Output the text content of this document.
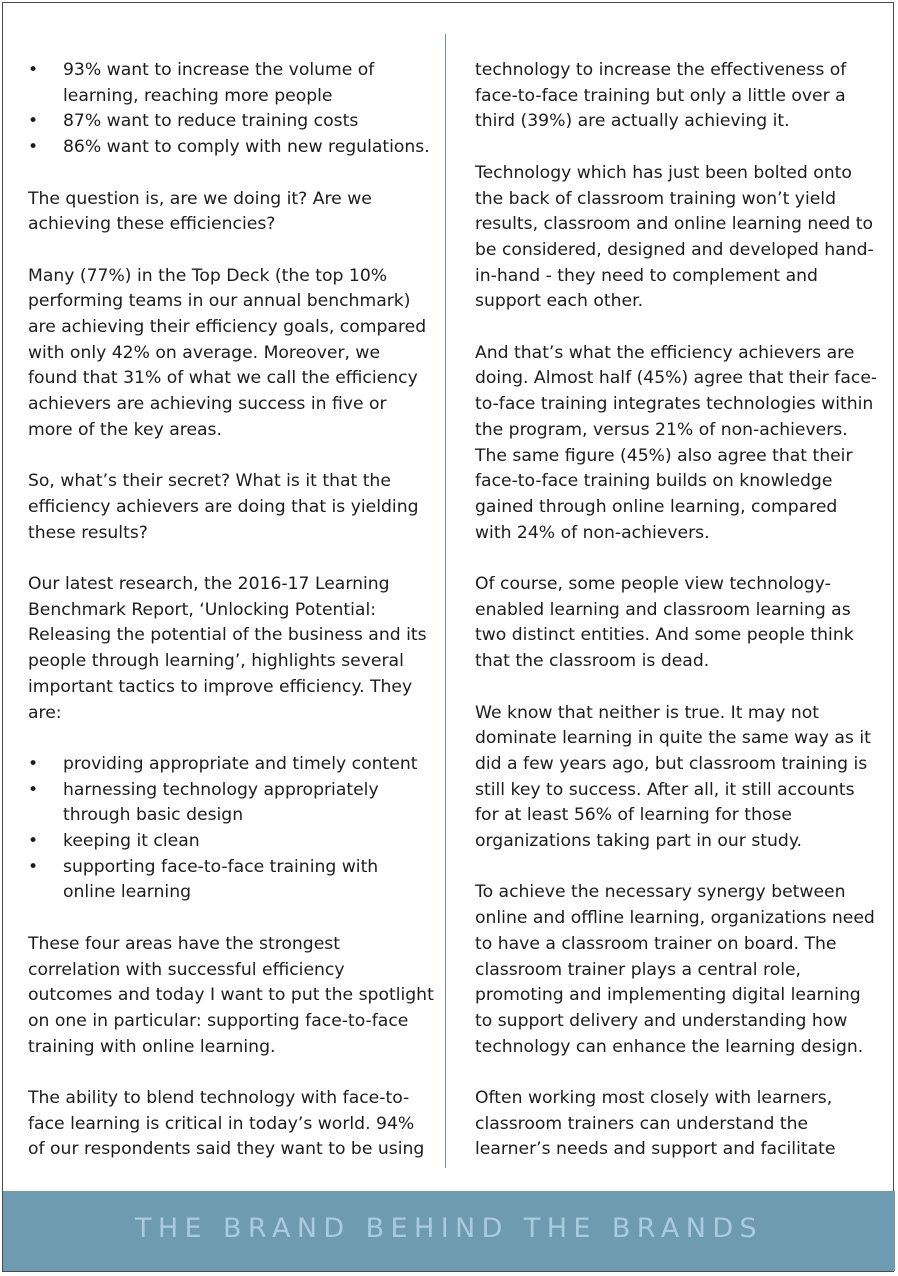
• 93% want to increase the volume of learning, reaching more people
• 87% want to reduce training costs
• 86% want to comply with new regulations.

The question is, are we doing it? Are we achieving these efficiencies?

Many (77%) in the Top Deck (the top 10% performing teams in our annual benchmark) are achieving their efficiency goals, compared with only 42% on average. Moreover, we found that 31% of what we call the efficiency achievers are achieving success in five or more of the key areas.

So, what’s their secret? What is it that the efficiency achievers are doing that is yielding these results?

Our latest research, the 2016-17 Learning Benchmark Report, ‘Unlocking Potential: Releasing the potential of the business and its people through learning’, highlights several important tactics to improve efficiency. They are:

• providing appropriate and timely content
• harnessing technology appropriately through basic design
• keeping it clean
• supporting face-to-face training with online learning

These four areas have the strongest correlation with successful efficiency outcomes and today I want to put the spotlight on one in particular: supporting face-to-face training with online learning.

The ability to blend technology with face-to-face learning is critical in today’s world. 94% of our respondents said they want to be using

technology to increase the effectiveness of face-to-face training but only a little over a third (39%) are actually achieving it.

Technology which has just been bolted onto the back of classroom training won’t yield results, classroom and online learning need to be considered, designed and developed hand-in-hand - they need to complement and support each other.

And that’s what the efficiency achievers are doing. Almost half (45%) agree that their face-to-face training integrates technologies within the program, versus 21% of non-achievers. The same figure (45%) also agree that their face-to-face training builds on knowledge gained through online learning, compared with 24% of non-achievers.

Of course, some people view technology-enabled learning and classroom learning as two distinct entities. And some people think that the classroom is dead.

We know that neither is true. It may not dominate learning in quite the same way as it did a few years ago, but classroom training is still key to success. After all, it still accounts for at least 56% of learning for those organizations taking part in our study.

To achieve the necessary synergy between online and offline learning, organizations need to have a classroom trainer on board. The classroom trainer plays a central role, promoting and implementing digital learning to support delivery and understanding how technology can enhance the learning design.

Often working most closely with learners, classroom trainers can understand the learner’s needs and support and facilitate

THE BRAND BEHIND THE BRANDS
